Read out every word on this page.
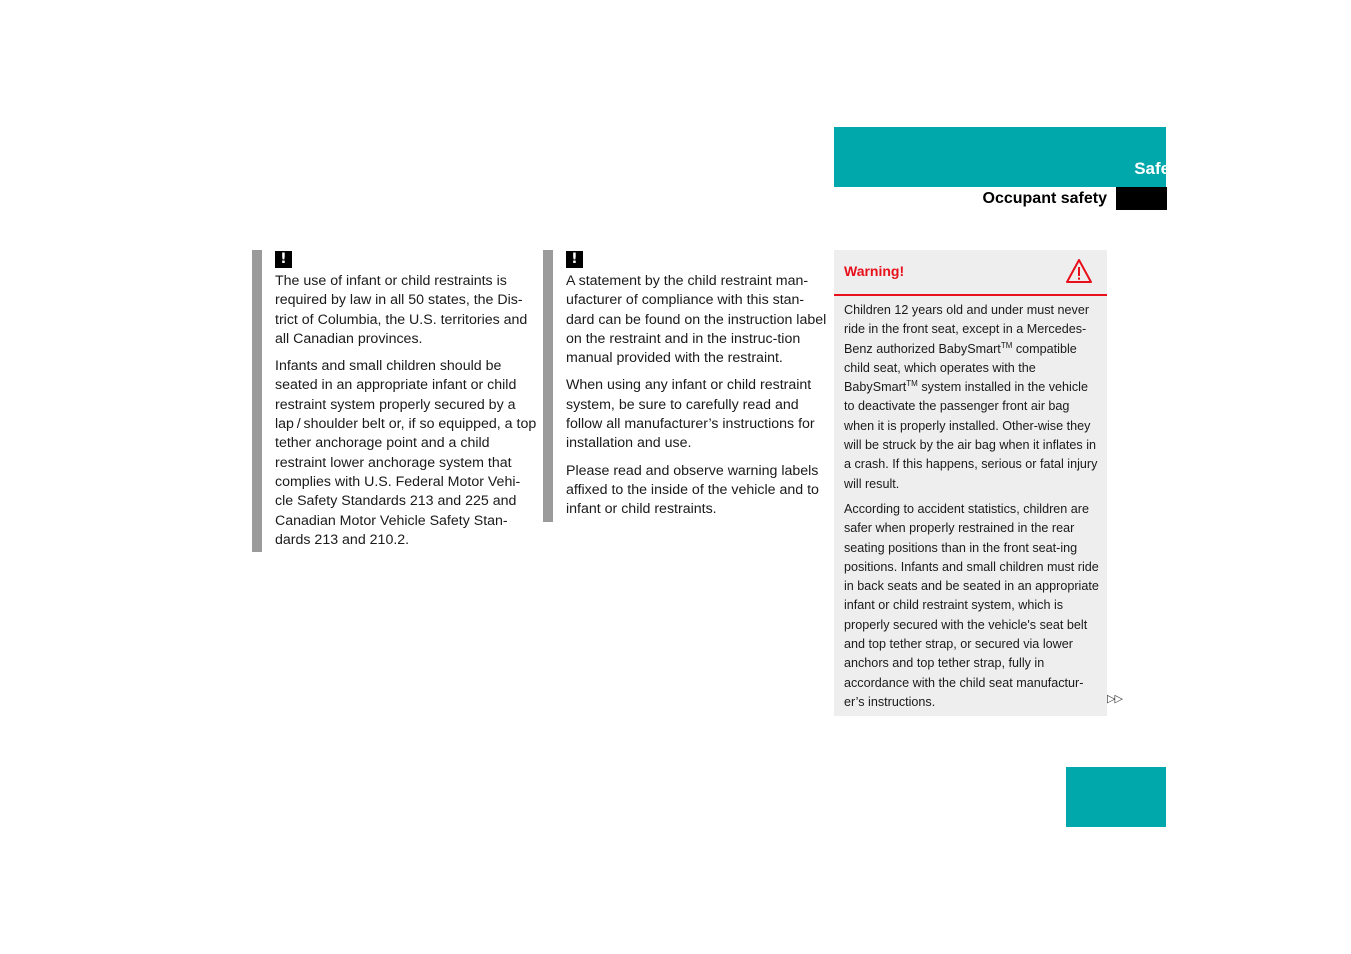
Safety and Security
Occupant safety
!

The use of infant or child restraints is required by law in all 50 states, the Dis-trict of Columbia, the U.S. territories and all Canadian provinces.

Infants and small children should be seated in an appropriate infant or child restraint system properly secured by a lap / shoulder belt or, if so equipped, a top tether anchorage point and a child restraint lower anchorage system that complies with U.S. Federal Motor Vehi-cle Safety Standards 213 and 225 and Canadian Motor Vehicle Safety Stan-dards 213 and 210.2.

!

A statement by the child restraint man-ufacturer of compliance with this stan-dard can be found on the instruction label on the restraint and in the instruc-tion manual provided with the restraint.

When using any infant or child restraint system, be sure to carefully read and follow all manufacturer’s instructions for installation and use.

Please read and observe warning labels affixed to the inside of the vehicle and to infant or child restraints.

Warning!

Children 12 years old and under must never ride in the front seat, except in a Mercedes-Benz authorized BabySmart™ compatible child seat, which operates with the BabySmart™ system installed in the vehicle to deactivate the passenger front air bag when it is properly installed. Other-wise they will be struck by the air bag when it inflates in a crash. If this happens, serious or fatal injury will result.

According to accident statistics, children are safer when properly restrained in the rear seating positions than in the front seat-ing positions. Infants and small children must ride in back seats and be seated in an appropriate infant or child restraint system, which is properly secured with the vehicle's seat belt and top tether strap, or secured via lower anchors and top tether strap, fully in accordance with the child seat manufactur-er’s instructions.	▷▷
77
